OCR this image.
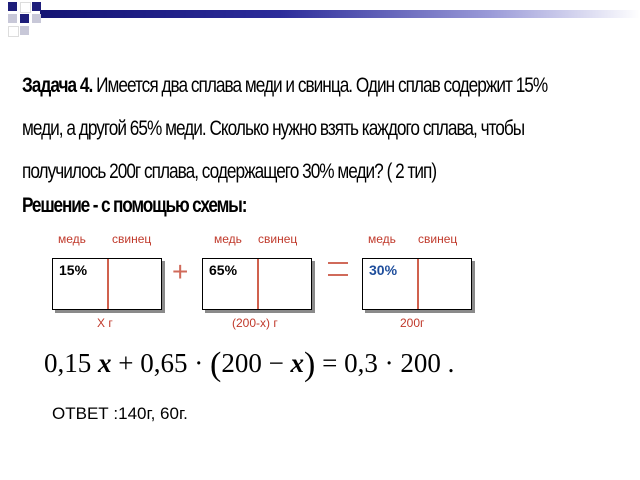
Задача 4. Имеется два сплава меди и свинца. Один сплав содержит 15%
меди, а другой 65% меди. Сколько нужно взять каждого сплава, чтобы
получилось 200г сплава, содержащего 30% меди? ( 2 тип)
Решение - с помощью схемы:
медь свинец
15%
Х г
+
медь свинец
65%
(200-х) г
медь свинец
30%
200г
0,15 x + 0,65 · (200 − x) = 0,3 · 200 .
ОТВЕТ :140г, 60г.
